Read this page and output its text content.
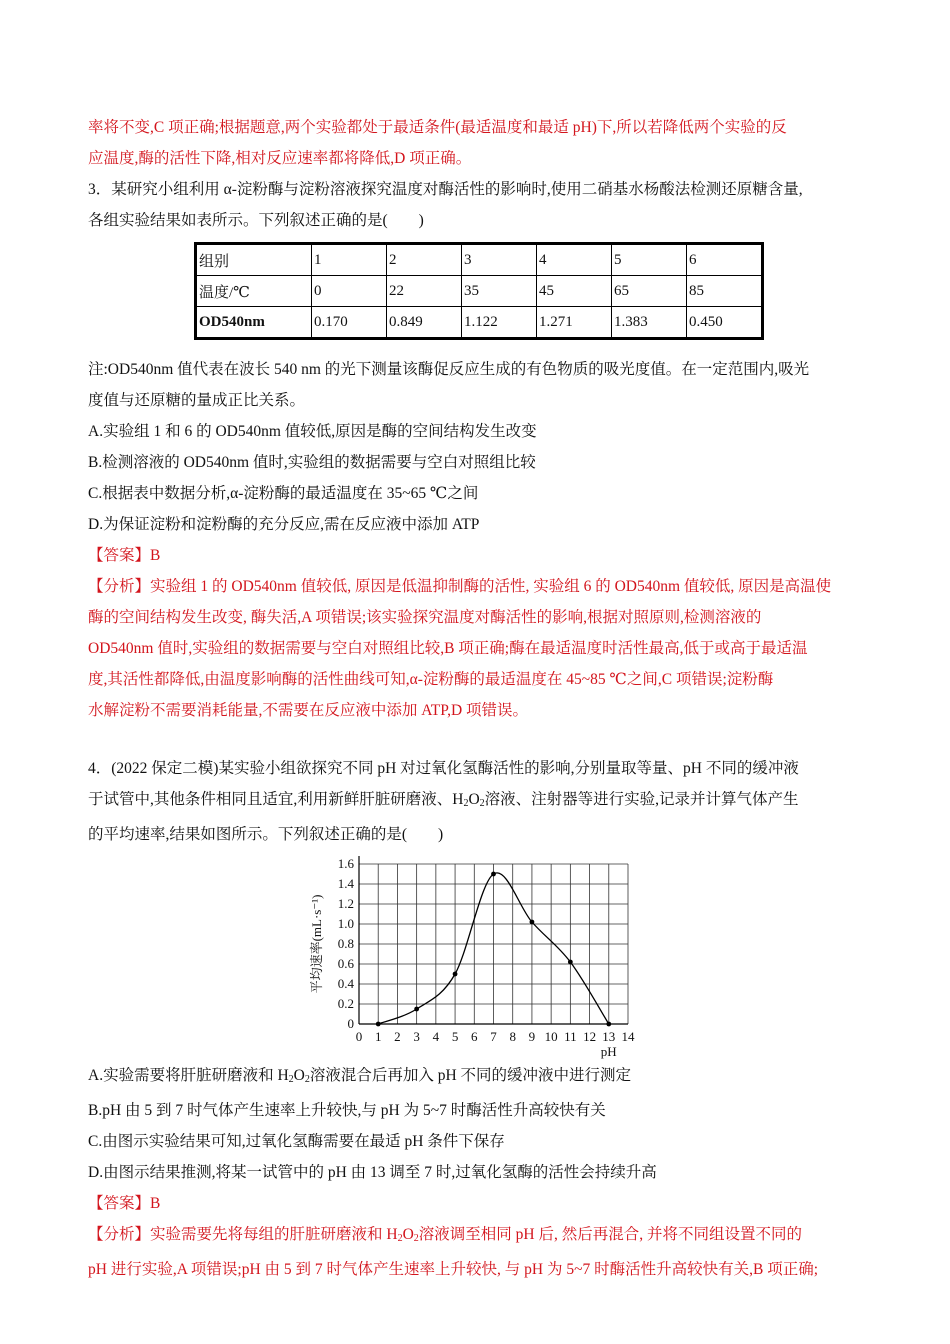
率将不变,C 项正确;根据题意,两个实验都处于最适条件(最适温度和最适 pH)下,所以若降低两个实验的反
应温度,酶的活性下降,相对反应速率都将降低,D 项正确。
3．某研究小组利用 α-淀粉酶与淀粉溶液探究温度对酶活性的影响时,使用二硝基水杨酸法检测还原糖含量,
各组实验结果如表所示。下列叙述正确的是(　　)
组别	1	2	3	4	5	6
温度/℃	0	22	35	45	65	85
OD540nm	0.170	0.849	1.122	1.271	1.383	0.450
注:OD540nm 值代表在波长 540 nm 的光下测量该酶促反应生成的有色物质的吸光度值。在一定范围内,吸光
度值与还原糖的量成正比关系。
A.实验组 1 和 6 的 OD540nm 值较低,原因是酶的空间结构发生改变
B.检测溶液的 OD540nm 值时,实验组的数据需要与空白对照组比较
C.根据表中数据分析,α-淀粉酶的最适温度在 35~65 ℃之间
D.为保证淀粉和淀粉酶的充分反应,需在反应液中添加 ATP
【答案】B
【分析】实验组 1 的 OD540nm 值较低, 原因是低温抑制酶的活性, 实验组 6 的 OD540nm 值较低, 原因是高温使
酶的空间结构发生改变, 酶失活,A 项错误;该实验探究温度对酶活性的影响,根据对照原则,检测溶液的
OD540nm 值时,实验组的数据需要与空白对照组比较,B 项正确;酶在最适温度时活性最高,低于或高于最适温
度,其活性都降低,由温度影响酶的活性曲线可知,α-淀粉酶的最适温度在 45~85 ℃之间,C 项错误;淀粉酶
水解淀粉不需要消耗能量,不需要在反应液中添加 ATP,D 项错误。
4．(2022 保定二模)某实验小组欲探究不同 pH 对过氧化氢酶活性的影响,分别量取等量、pH 不同的缓冲液
于试管中,其他条件相同且适宜,利用新鲜肝脏研磨液、$H_2O_2$溶液、注射器等进行实验,记录并计算气体产生
的平均速率,结果如图所示。下列叙述正确的是(　　)
0 1 2 3 4 5 6 7 8 9 10 11 12 13 14
0
0.2
0.4
0.6
0.8
1.0
1.2
1.4
1.6
pH
平均速率(mL·s⁻¹)
A.实验需要将肝脏研磨液和 $H_2O_2$溶液混合后再加入 pH 不同的缓冲液中进行测定
B.pH 由 5 到 7 时气体产生速率上升较快,与 pH 为 5~7 时酶活性升高较快有关
C.由图示实验结果可知,过氧化氢酶需要在最适 pH 条件下保存
D.由图示结果推测,将某一试管中的 pH 由 13 调至 7 时,过氧化氢酶的活性会持续升高
【答案】B
【分析】实验需要先将每组的肝脏研磨液和 $H_2O_2$溶液调至相同 pH 后, 然后再混合, 并将不同组设置不同的
pH 进行实验,A 项错误;pH 由 5 到 7 时气体产生速率上升较快, 与 pH 为 5~7 时酶活性升高较快有关,B 项正确;
